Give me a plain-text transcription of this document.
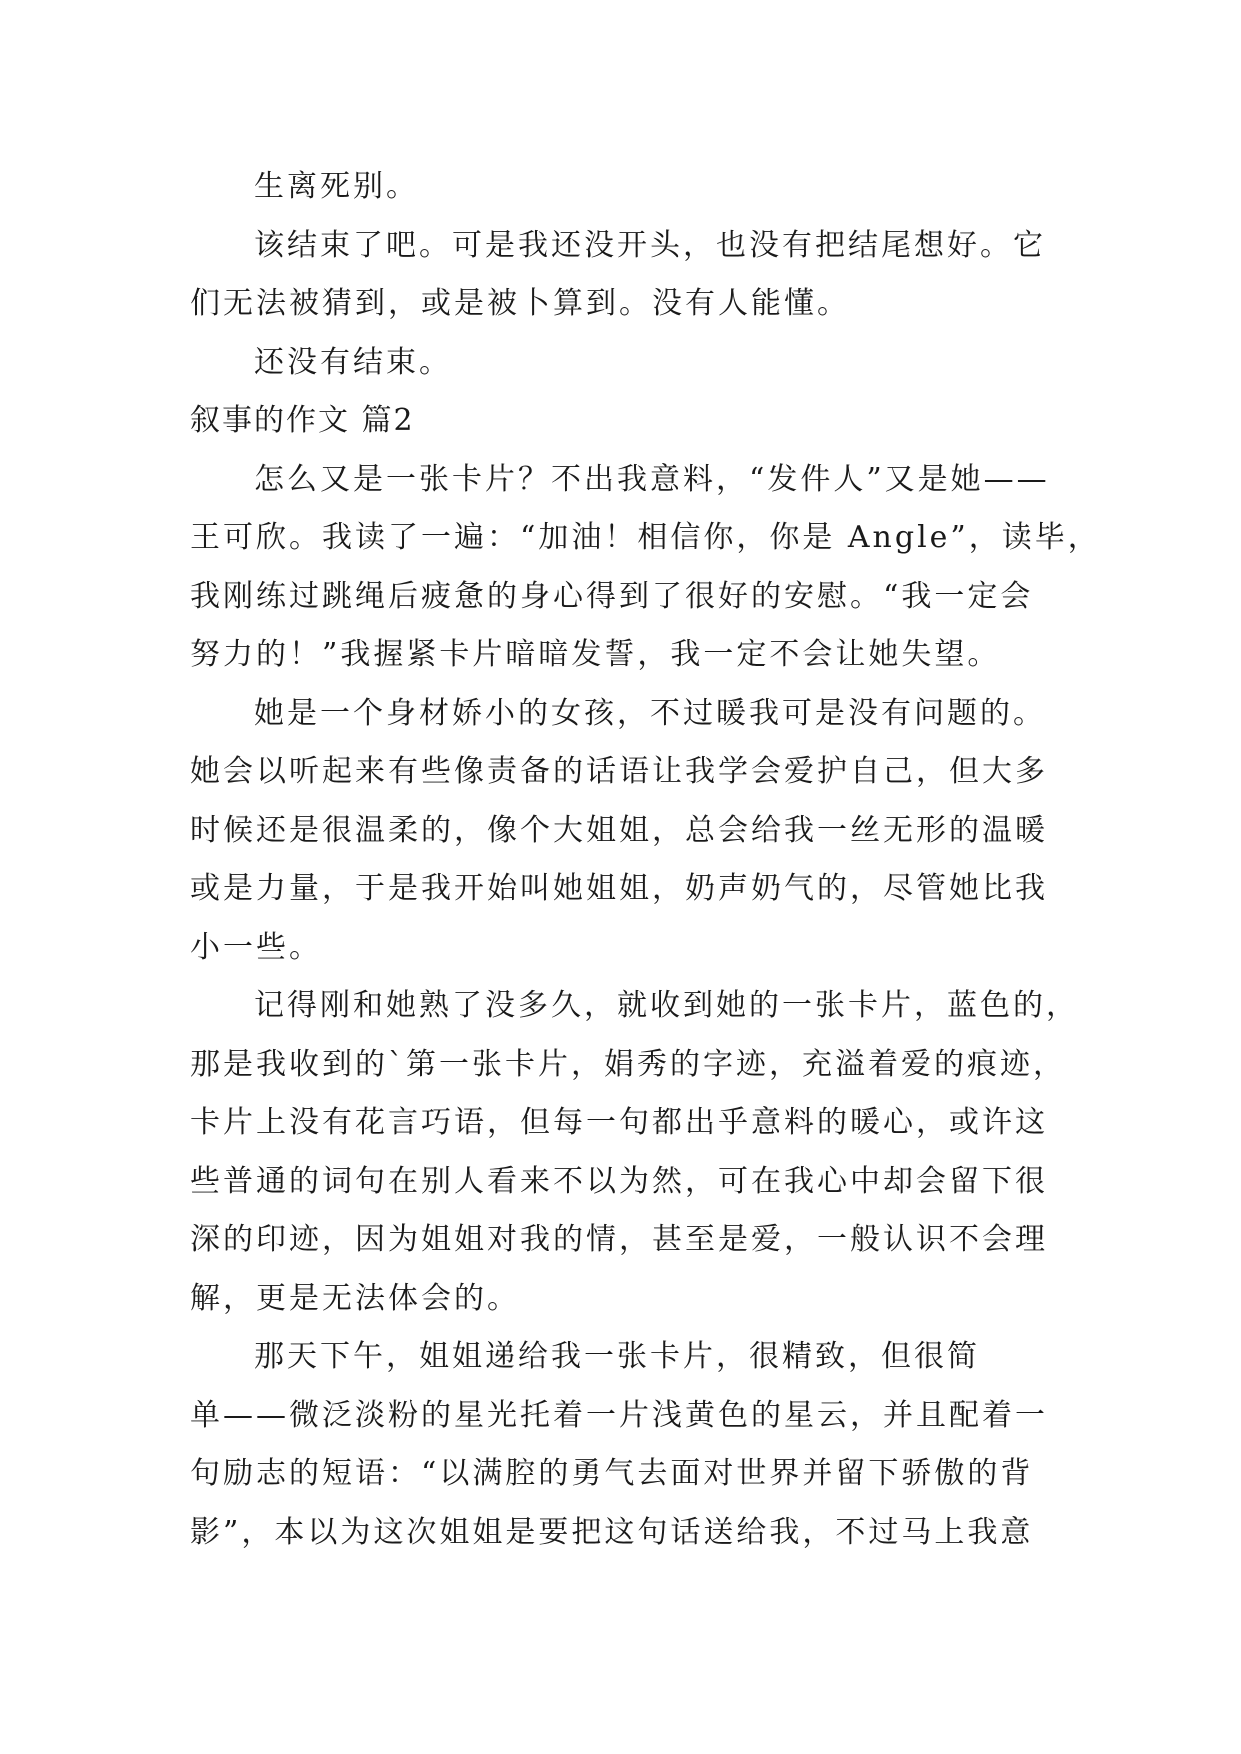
生离死别。
该结束了吧。可是我还没开头，也没有把结尾想好。它
们无法被猜到，或是被卜算到。没有人能懂。
还没有结束。
叙事的作文 篇2
怎么又是一张卡片？不出我意料，“发件人”又是她——
王可欣。我读了一遍：“加油！相信你，你是 Angle”，读毕，
我刚练过跳绳后疲惫的身心得到了很好的安慰。“我一定会
努力的！”我握紧卡片暗暗发誓，我一定不会让她失望。
她是一个身材娇小的女孩，不过暖我可是没有问题的。
她会以听起来有些像责备的话语让我学会爱护自己，但大多
时候还是很温柔的，像个大姐姐，总会给我一丝无形的温暖
或是力量，于是我开始叫她姐姐，奶声奶气的，尽管她比我
小一些。
记得刚和她熟了没多久，就收到她的一张卡片，蓝色的，
那是我收到的`第一张卡片，娟秀的字迹，充溢着爱的痕迹，
卡片上没有花言巧语，但每一句都出乎意料的暖心，或许这
些普通的词句在别人看来不以为然，可在我心中却会留下很
深的印迹，因为姐姐对我的情，甚至是爱，一般认识不会理
解，更是无法体会的。
那天下午，姐姐递给我一张卡片，很精致，但很简
单——微泛淡粉的星光托着一片浅黄色的星云，并且配着一
句励志的短语：“以满腔的勇气去面对世界并留下骄傲的背
影”，本以为这次姐姐是要把这句话送给我，不过马上我意
